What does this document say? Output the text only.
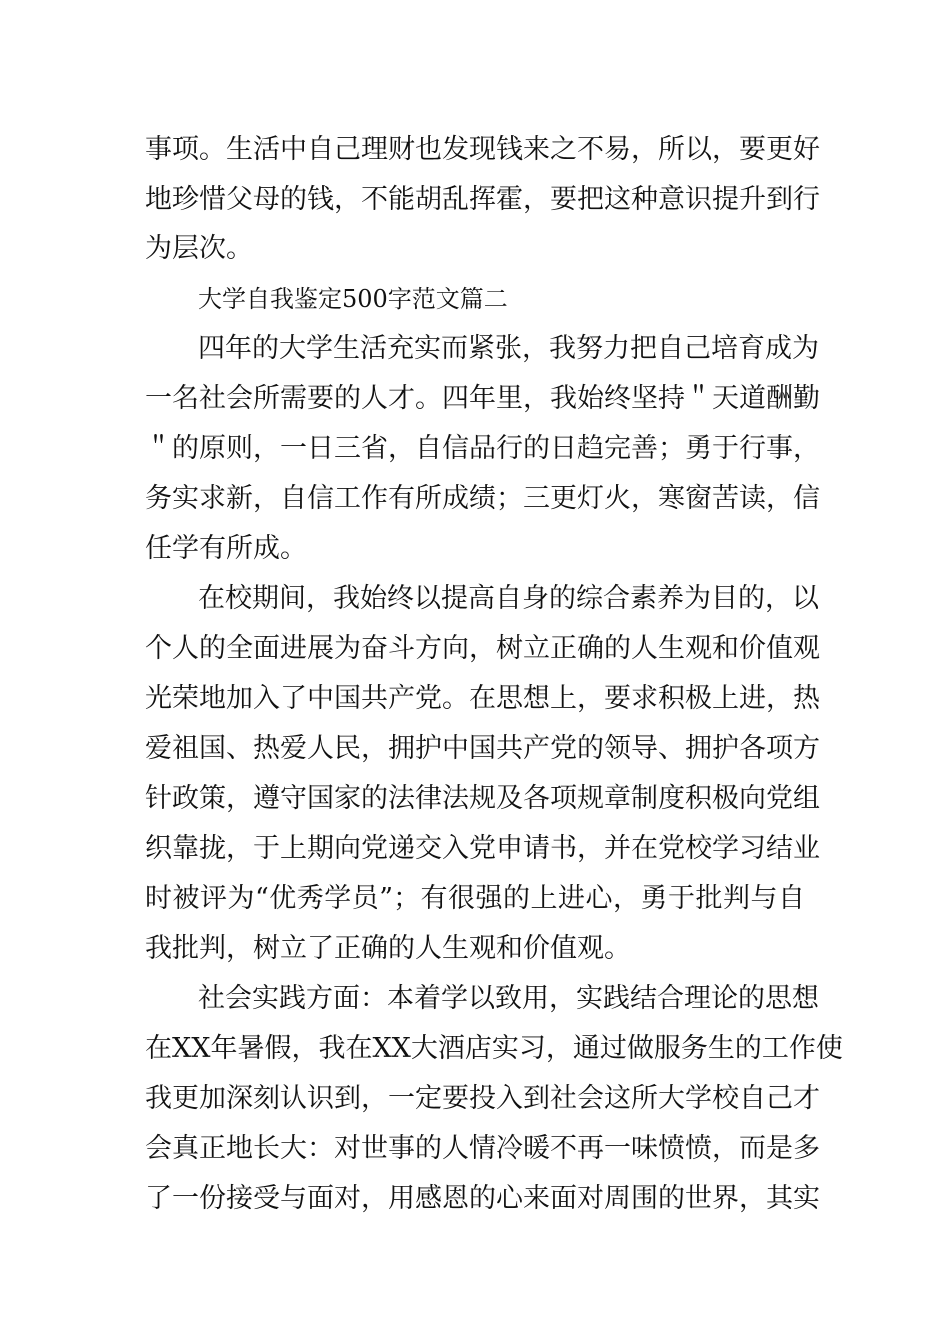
事项。生活中自己理财也发现钱来之不易，所以，要更好
地珍惜父母的钱，不能胡乱挥霍，要把这种意识提升到行
为层次。
大学自我鉴定500字范文篇二
四年的大学生活充实而紧张，我努力把自己培育成为
一名社会所需要的人才。四年里，我始终坚持＂天道酬勤
＂的原则，一日三省，自信品行的日趋完善；勇于行事，
务实求新，自信工作有所成绩；三更灯火，寒窗苦读，信
任学有所成。
在校期间，我始终以提高自身的综合素养为目的，以
个人的全面进展为奋斗方向，树立正确的人生观和价值观
光荣地加入了中国共产党。在思想上，要求积极上进，热
爱祖国、热爱人民，拥护中国共产党的领导、拥护各项方
针政策，遵守国家的法律法规及各项规章制度积极向党组
织靠拢，于上期向党递交入党申请书，并在党校学习结业
时被评为“优秀学员”；有很强的上进心，勇于批判与自
我批判，树立了正确的人生观和价值观。
社会实践方面：本着学以致用，实践结合理论的思想
在XX年暑假，我在XX大酒店实习，通过做服务生的工作使
我更加深刻认识到，一定要投入到社会这所大学校自己才
会真正地长大：对世事的人情冷暖不再一味愤愤，而是多
了一份接受与面对，用感恩的心来面对周围的世界，其实
